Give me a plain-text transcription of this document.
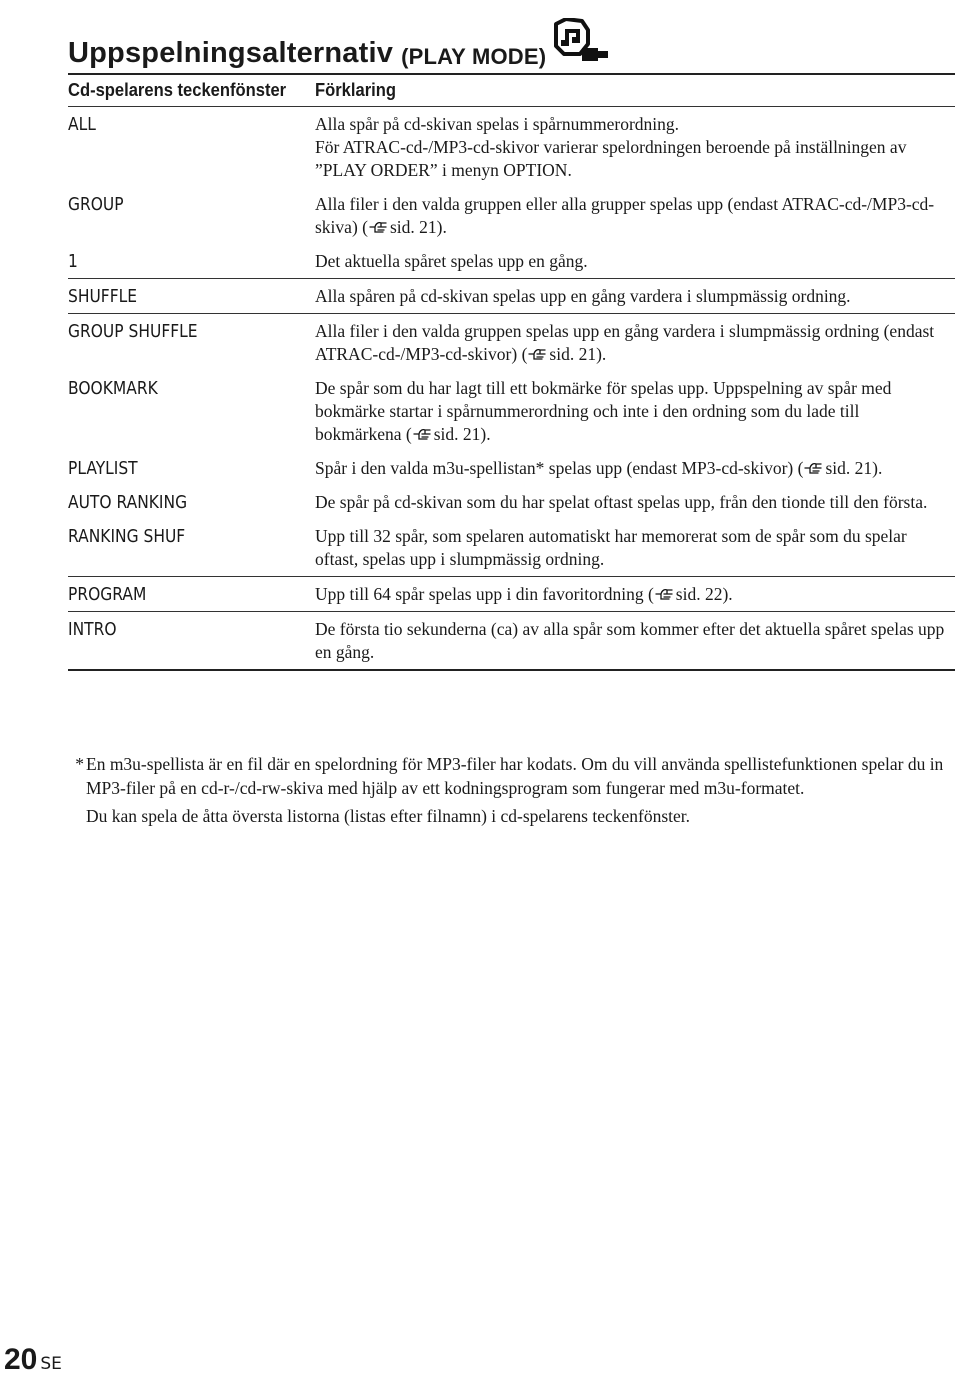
Uppspelningsalternativ (PLAY MODE)
Cd-spelarens teckenfönster	Förklaring
ALL	Alla spår på cd-skivan spelas i spårnummerordning.
För ATRAC-cd-/MP3-cd-skivor varierar spelordningen beroende på inställningen av ”PLAY ORDER” i menyn OPTION.
GROUP	Alla filer i den valda gruppen eller alla grupper spelas upp (endast ATRAC-cd-/MP3-cd-skiva) ( sid. 21).
1	Det aktuella spåret spelas upp en gång.
SHUFFLE	Alla spåren på cd-skivan spelas upp en gång vardera i slumpmässig ordning.
GROUP SHUFFLE	Alla filer i den valda gruppen spelas upp en gång vardera i slumpmässig ordning (endast ATRAC-cd-/MP3-cd-skivor) ( sid. 21).
BOOKMARK	De spår som du har lagt till ett bokmärke för spelas upp. Uppspelning av spår med bokmärke startar i spårnummerordning och inte i den ordning som du lade till bokmärkena ( sid. 21).
PLAYLIST	Spår i den valda m3u-spellistan* spelas upp (endast MP3-cd-skivor) ( sid. 21).
AUTO RANKING	De spår på cd-skivan som du har spelat oftast spelas upp, från den tionde till den första.
RANKING SHUF	Upp till 32 spår, som spelaren automatiskt har memorerat som de spår som du spelar oftast, spelas upp i slumpmässig ordning.
PROGRAM	Upp till 64 spår spelas upp i din favoritordning ( sid. 22).
INTRO	De första tio sekunderna (ca) av alla spår som kommer efter det aktuella spåret spelas upp en gång.
* En m3u-spellista är en fil där en spelordning för MP3-filer har kodats. Om du vill använda spellistefunktionen spelar du in MP3-filer på en cd-r-/cd-rw-skiva med hjälp av ett kodningsprogram som fungerar med m3u-formatet.
Du kan spela de åtta översta listorna (listas efter filnamn) i cd-spelarens teckenfönster.
20 SE
